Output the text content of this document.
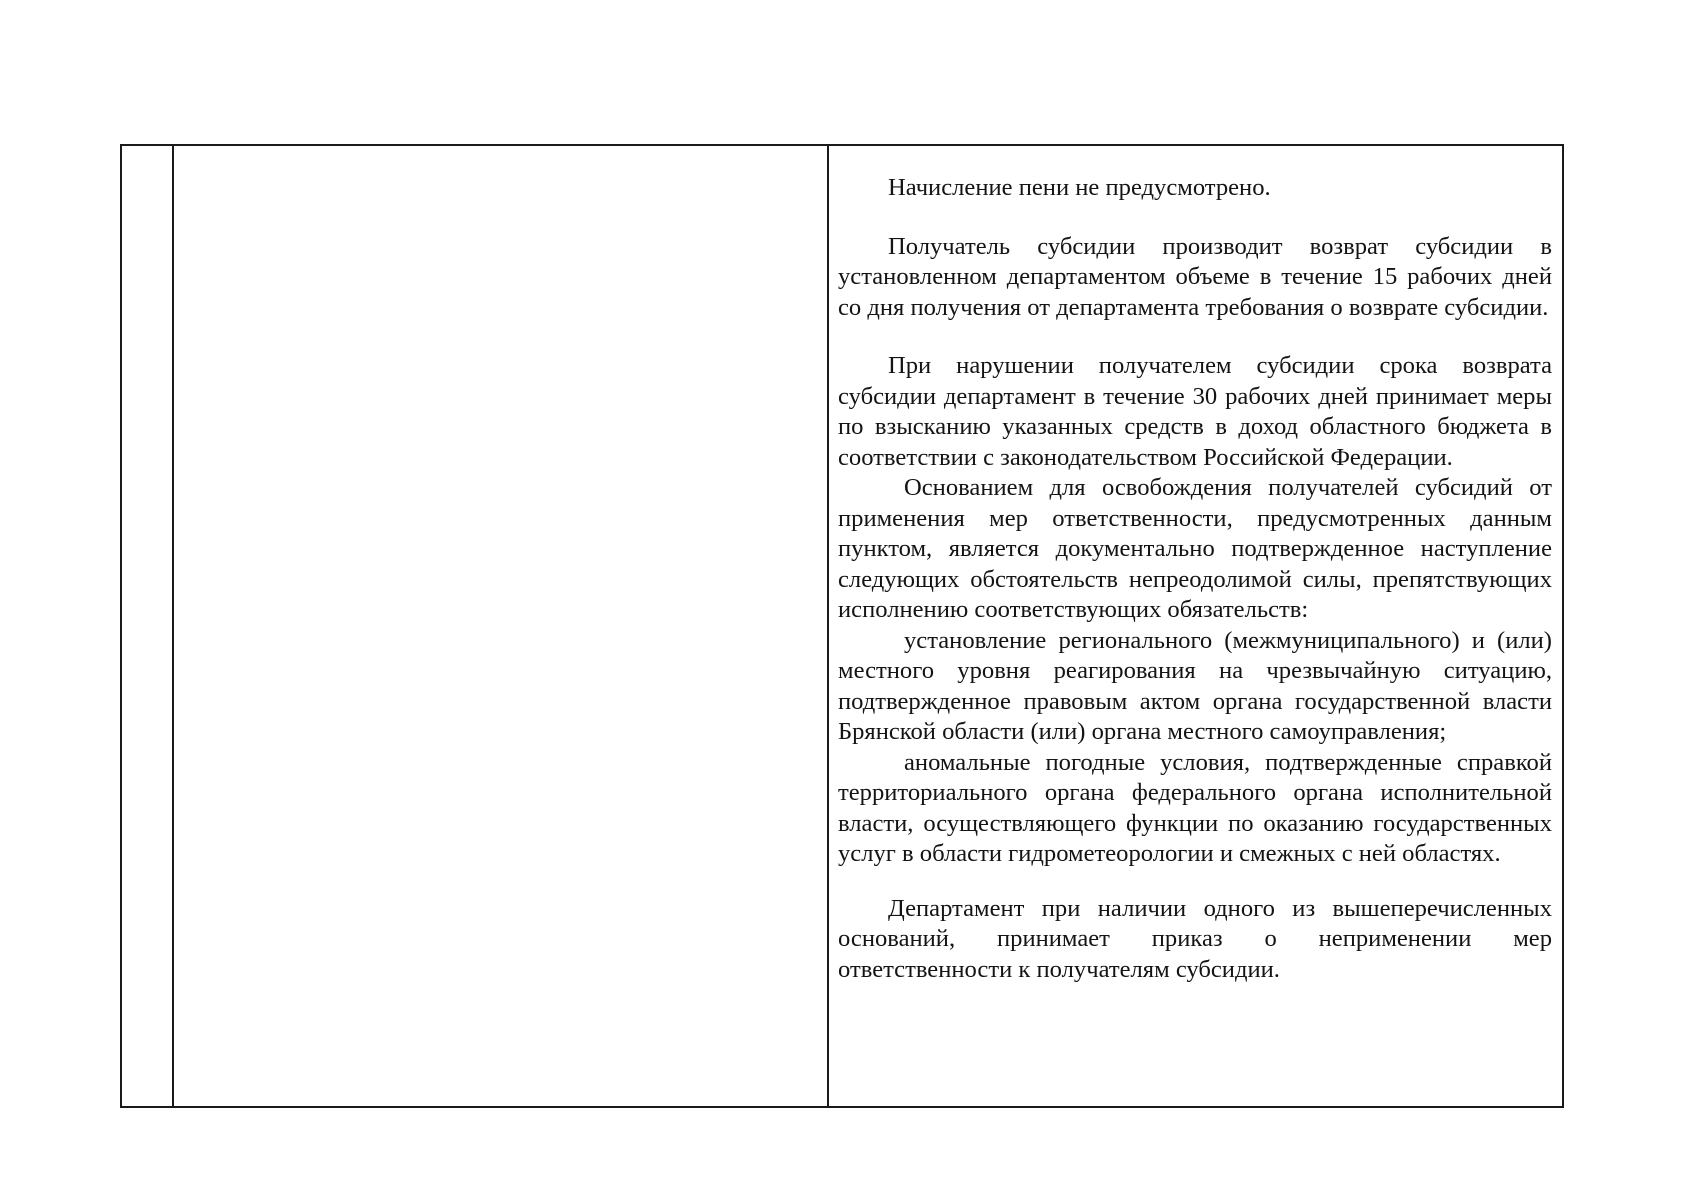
Начисление пени не предусмотрено.

Получатель субсидии производит возврат субсидии в установленном департаментом объеме в течение 15 рабочих дней со дня получения от департамента требования о возврате субсидии.

При нарушении получателем субсидии срока возврата субсидии департамент в течение 30 рабочих дней принимает меры по взысканию указанных средств в доход областного бюджета в соответствии с законодательством Российской Федерации.

Основанием для освобождения получателей субсидий от применения мер ответственности, предусмотренных данным пунктом, является документально подтвержденное наступление следующих обстоятельств непреодолимой силы, препятствующих исполнению соответствующих обязательств:

установление регионального (межмуниципального) и (или) местного уровня реагирования на чрезвычайную ситуацию, подтвержденное правовым актом органа государственной власти Брянской области (или) органа местного самоуправления;

аномальные погодные условия, подтвержденные справкой территориального органа федерального органа исполнительной власти, осуществляющего функции по оказанию государственных услуг в области гидрометеорологии и смежных с ней областях.

Департамент при наличии одного из вышеперечисленных оснований, принимает приказ о неприменении мер ответственности к получателям субсидии.
